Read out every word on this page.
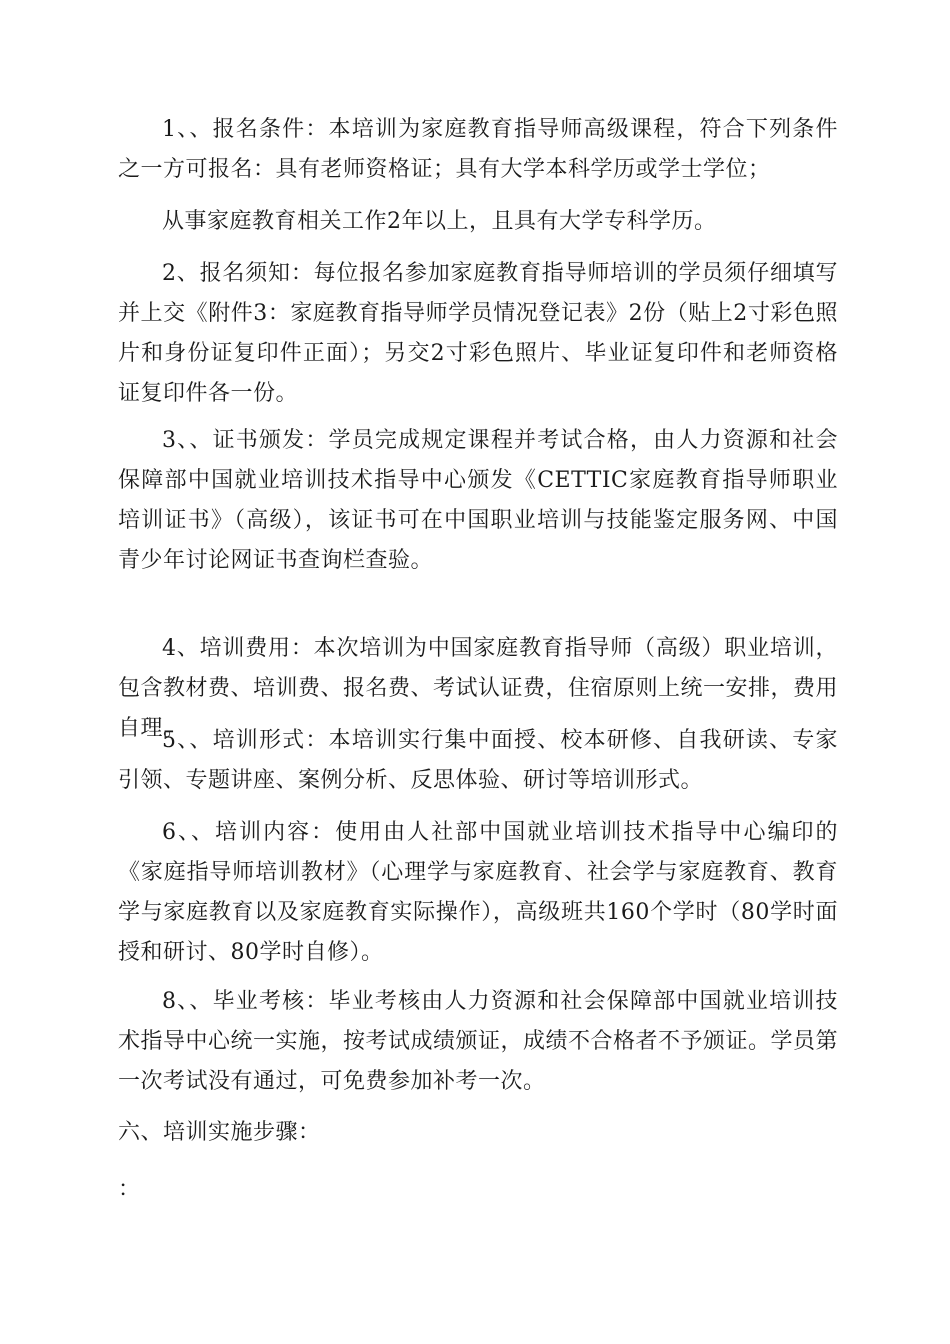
1、、报名条件：本培训为家庭教育指导师高级课程，符合下列条件之一方可报名：具有老师资格证；具有大学本科学历或学士学位；

从事家庭教育相关工作2年以上，且具有大学专科学历。

2、报名须知：每位报名参加家庭教育指导师培训的学员须仔细填写并上交《附件3：家庭教育指导师学员情况登记表》2份（贴上2寸彩色照片和身份证复印件正面）；另交2寸彩色照片、毕业证复印件和老师资格证复印件各一份。

3、、证书颁发：学员完成规定课程并考试合格，由人力资源和社会保障部中国就业培训技术指导中心颁发《CETTIC家庭教育指导师职业培训证书》（高级），该证书可在中国职业培训与技能鉴定服务网、中国青少年讨论网证书查询栏查验。

4、培训费用：本次培训为中国家庭教育指导师（高级）职业培训，包含教材费、培训费、报名费、考试认证费，住宿原则上统一安排，费用自理。

5、、培训形式：本培训实行集中面授、校本研修、自我研读、专家引领、专题讲座、案例分析、反思体验、研讨等培训形式。

6、、培训内容：使用由人社部中国就业培训技术指导中心编印的《家庭指导师培训教材》（心理学与家庭教育、社会学与家庭教育、教育学与家庭教育以及家庭教育实际操作），高级班共160个学时（80学时面授和研讨、80学时自修）。

8、、毕业考核：毕业考核由人力资源和社会保障部中国就业培训技术指导中心统一实施，按考试成绩颁证，成绩不合格者不予颁证。学员第一次考试没有通过，可免费参加补考一次。

六、培训实施步骤：

：
